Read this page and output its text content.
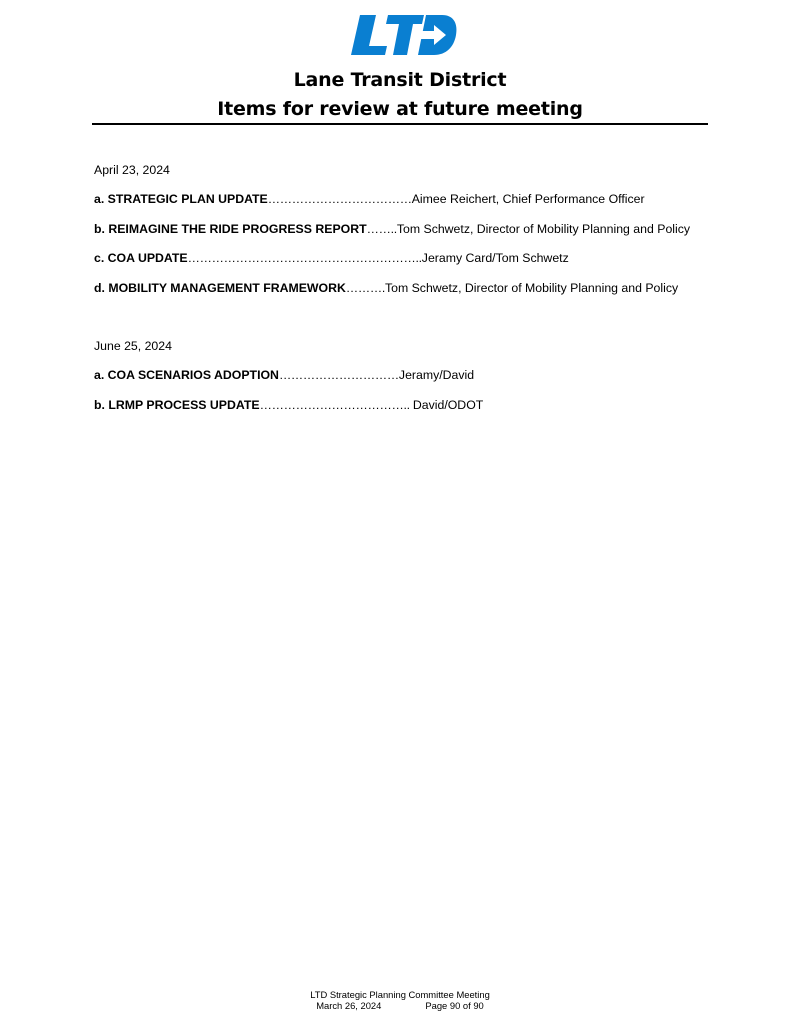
Lane Transit District
Items for review at future meeting
April 23, 2024
a. STRATEGIC PLAN UPDATE ……………………………… Aimee Reichert, Chief Performance Officer
b. REIMAGINE THE RIDE PROGRESS REPORT …….. Tom Schwetz, Director of Mobility Planning and Policy
c. COA UPDATE ………………………………………………….. Jeramy Card/Tom Schwetz
d. MOBILITY MANAGEMENT FRAMEWORK ………. Tom Schwetz, Director of Mobility Planning and Policy
June 25, 2024
a. COA SCENARIOS ADOPTION ………………………… Jeramy/David
b. LRMP PROCESS UPDATE ……………………………….. David/ODOT
LTD Strategic Planning Committee Meeting
March 26, 2024	Page 90 of 90
